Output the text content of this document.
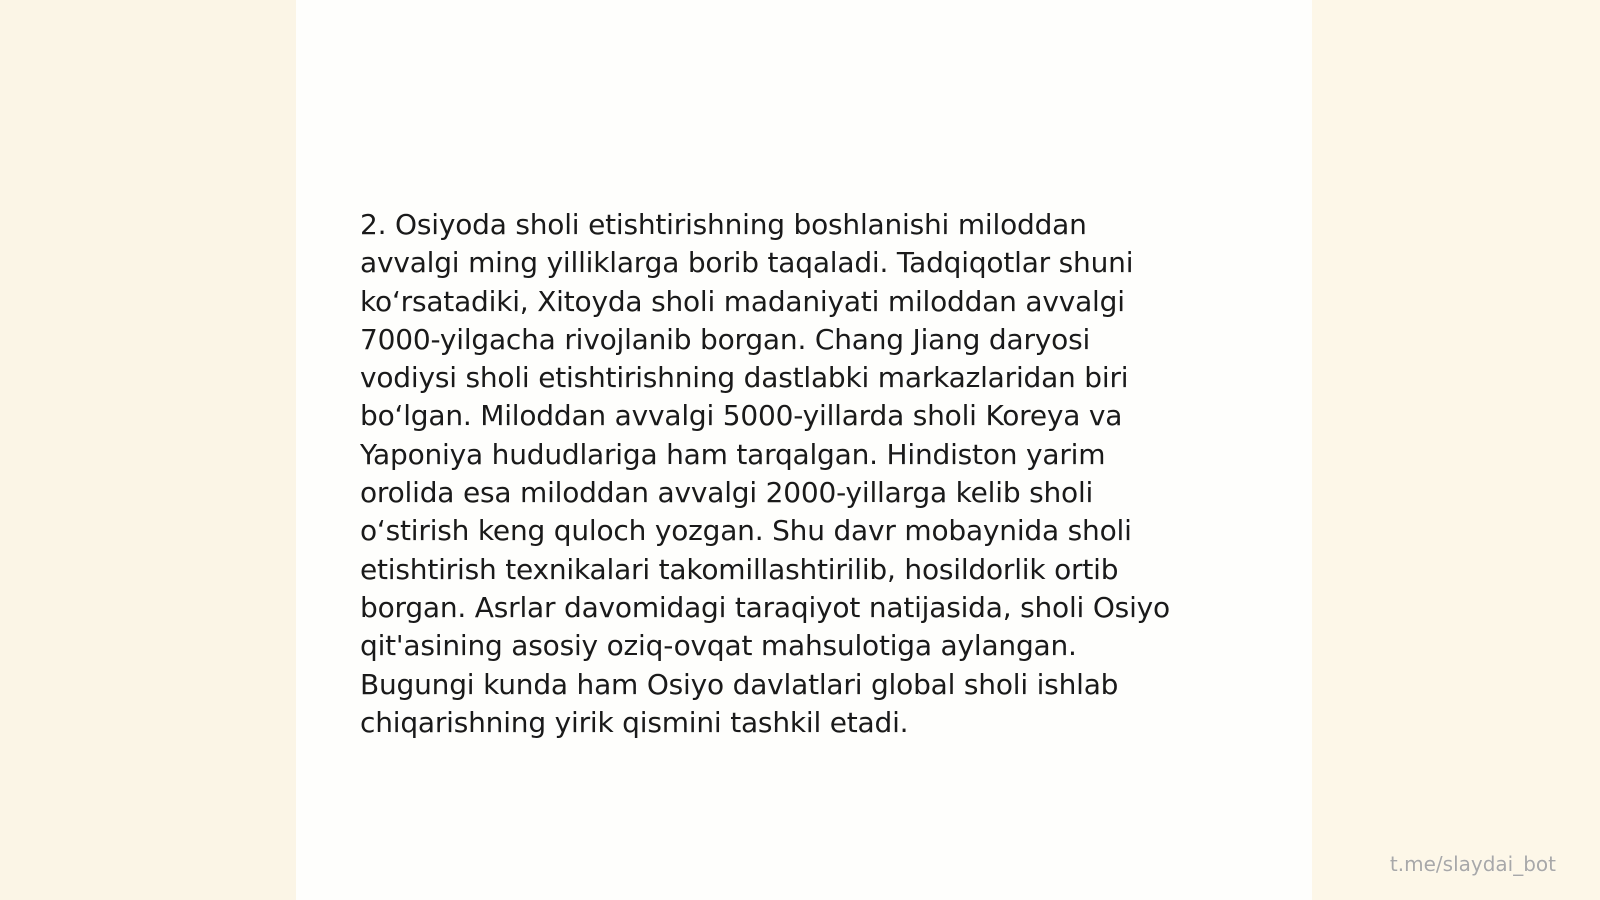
2. Osiyoda sholi etishtirishning boshlanishi miloddan
avvalgi ming yilliklarga borib taqaladi. Tadqiqotlar shuni
ko‘rsatadiki, Xitoyda sholi madaniyati miloddan avvalgi
7000-yilgacha rivojlanib borgan. Chang Jiang daryosi
vodiysi sholi etishtirishning dastlabki markazlaridan biri
bo‘lgan. Miloddan avvalgi 5000-yillarda sholi Koreya va
Yaponiya hududlariga ham tarqalgan. Hindiston yarim
orolida esa miloddan avvalgi 2000-yillarga kelib sholi
o‘stirish keng quloch yozgan. Shu davr mobaynida sholi
etishtirish texnikalari takomillashtirilib, hosildorlik ortib
borgan. Asrlar davomidagi taraqiyot natijasida, sholi Osiyo
qit'asining asosiy oziq-ovqat mahsulotiga aylangan.
Bugungi kunda ham Osiyo davlatlari global sholi ishlab
chiqarishning yirik qismini tashkil etadi.

t.me/slaydai_bot
